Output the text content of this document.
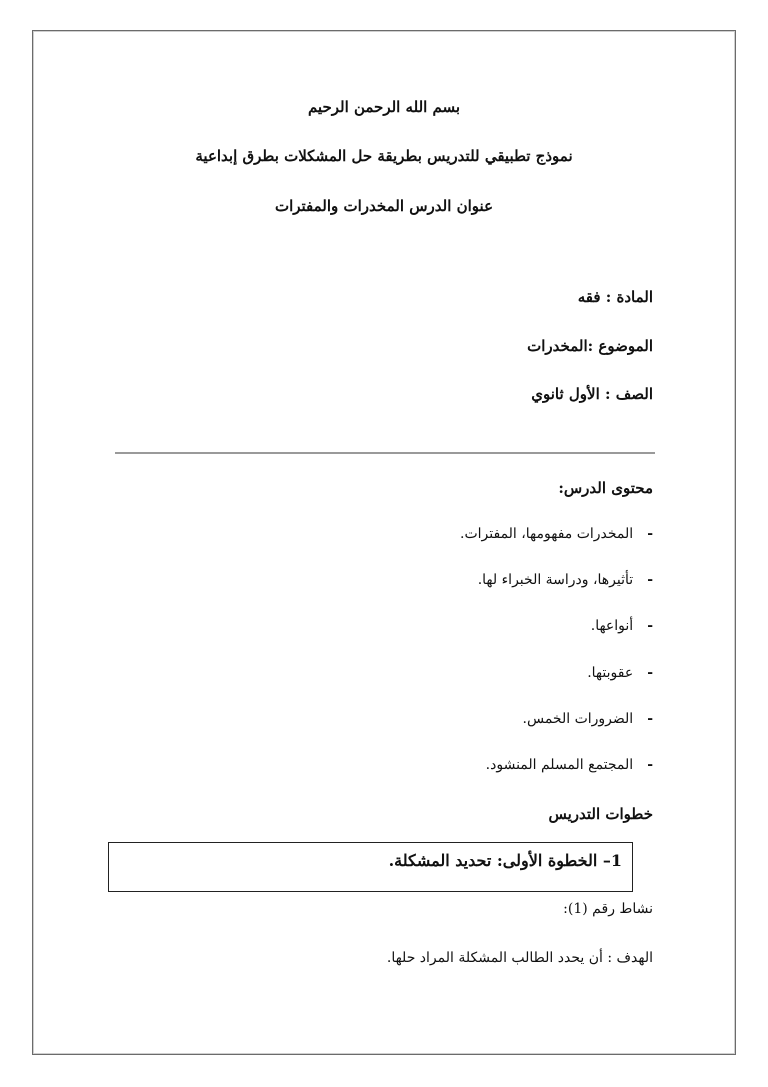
بسم الله الرحمن الرحيم
نموذج تطبيقي للتدريس بطريقة حل المشكلات بطرق إبداعية
عنوان الدرس المخدرات والمفترات
المادة : فقه
الموضوع :المخدرات
الصف : الأول ثانوي
محتوى الدرس:
-المخدرات مفهومها، المفترات.
-تأثيرها، ودراسة الخبراء لها.
-أنواعها.
-عقوبتها.
-الضرورات الخمس.
-المجتمع المسلم المنشود.
خطوات التدريس
1– الخطوة الأولى: تحديد المشكلة.
نشاط رقم (1):
الهدف : أن يحدد الطالب المشكلة المراد حلها.
